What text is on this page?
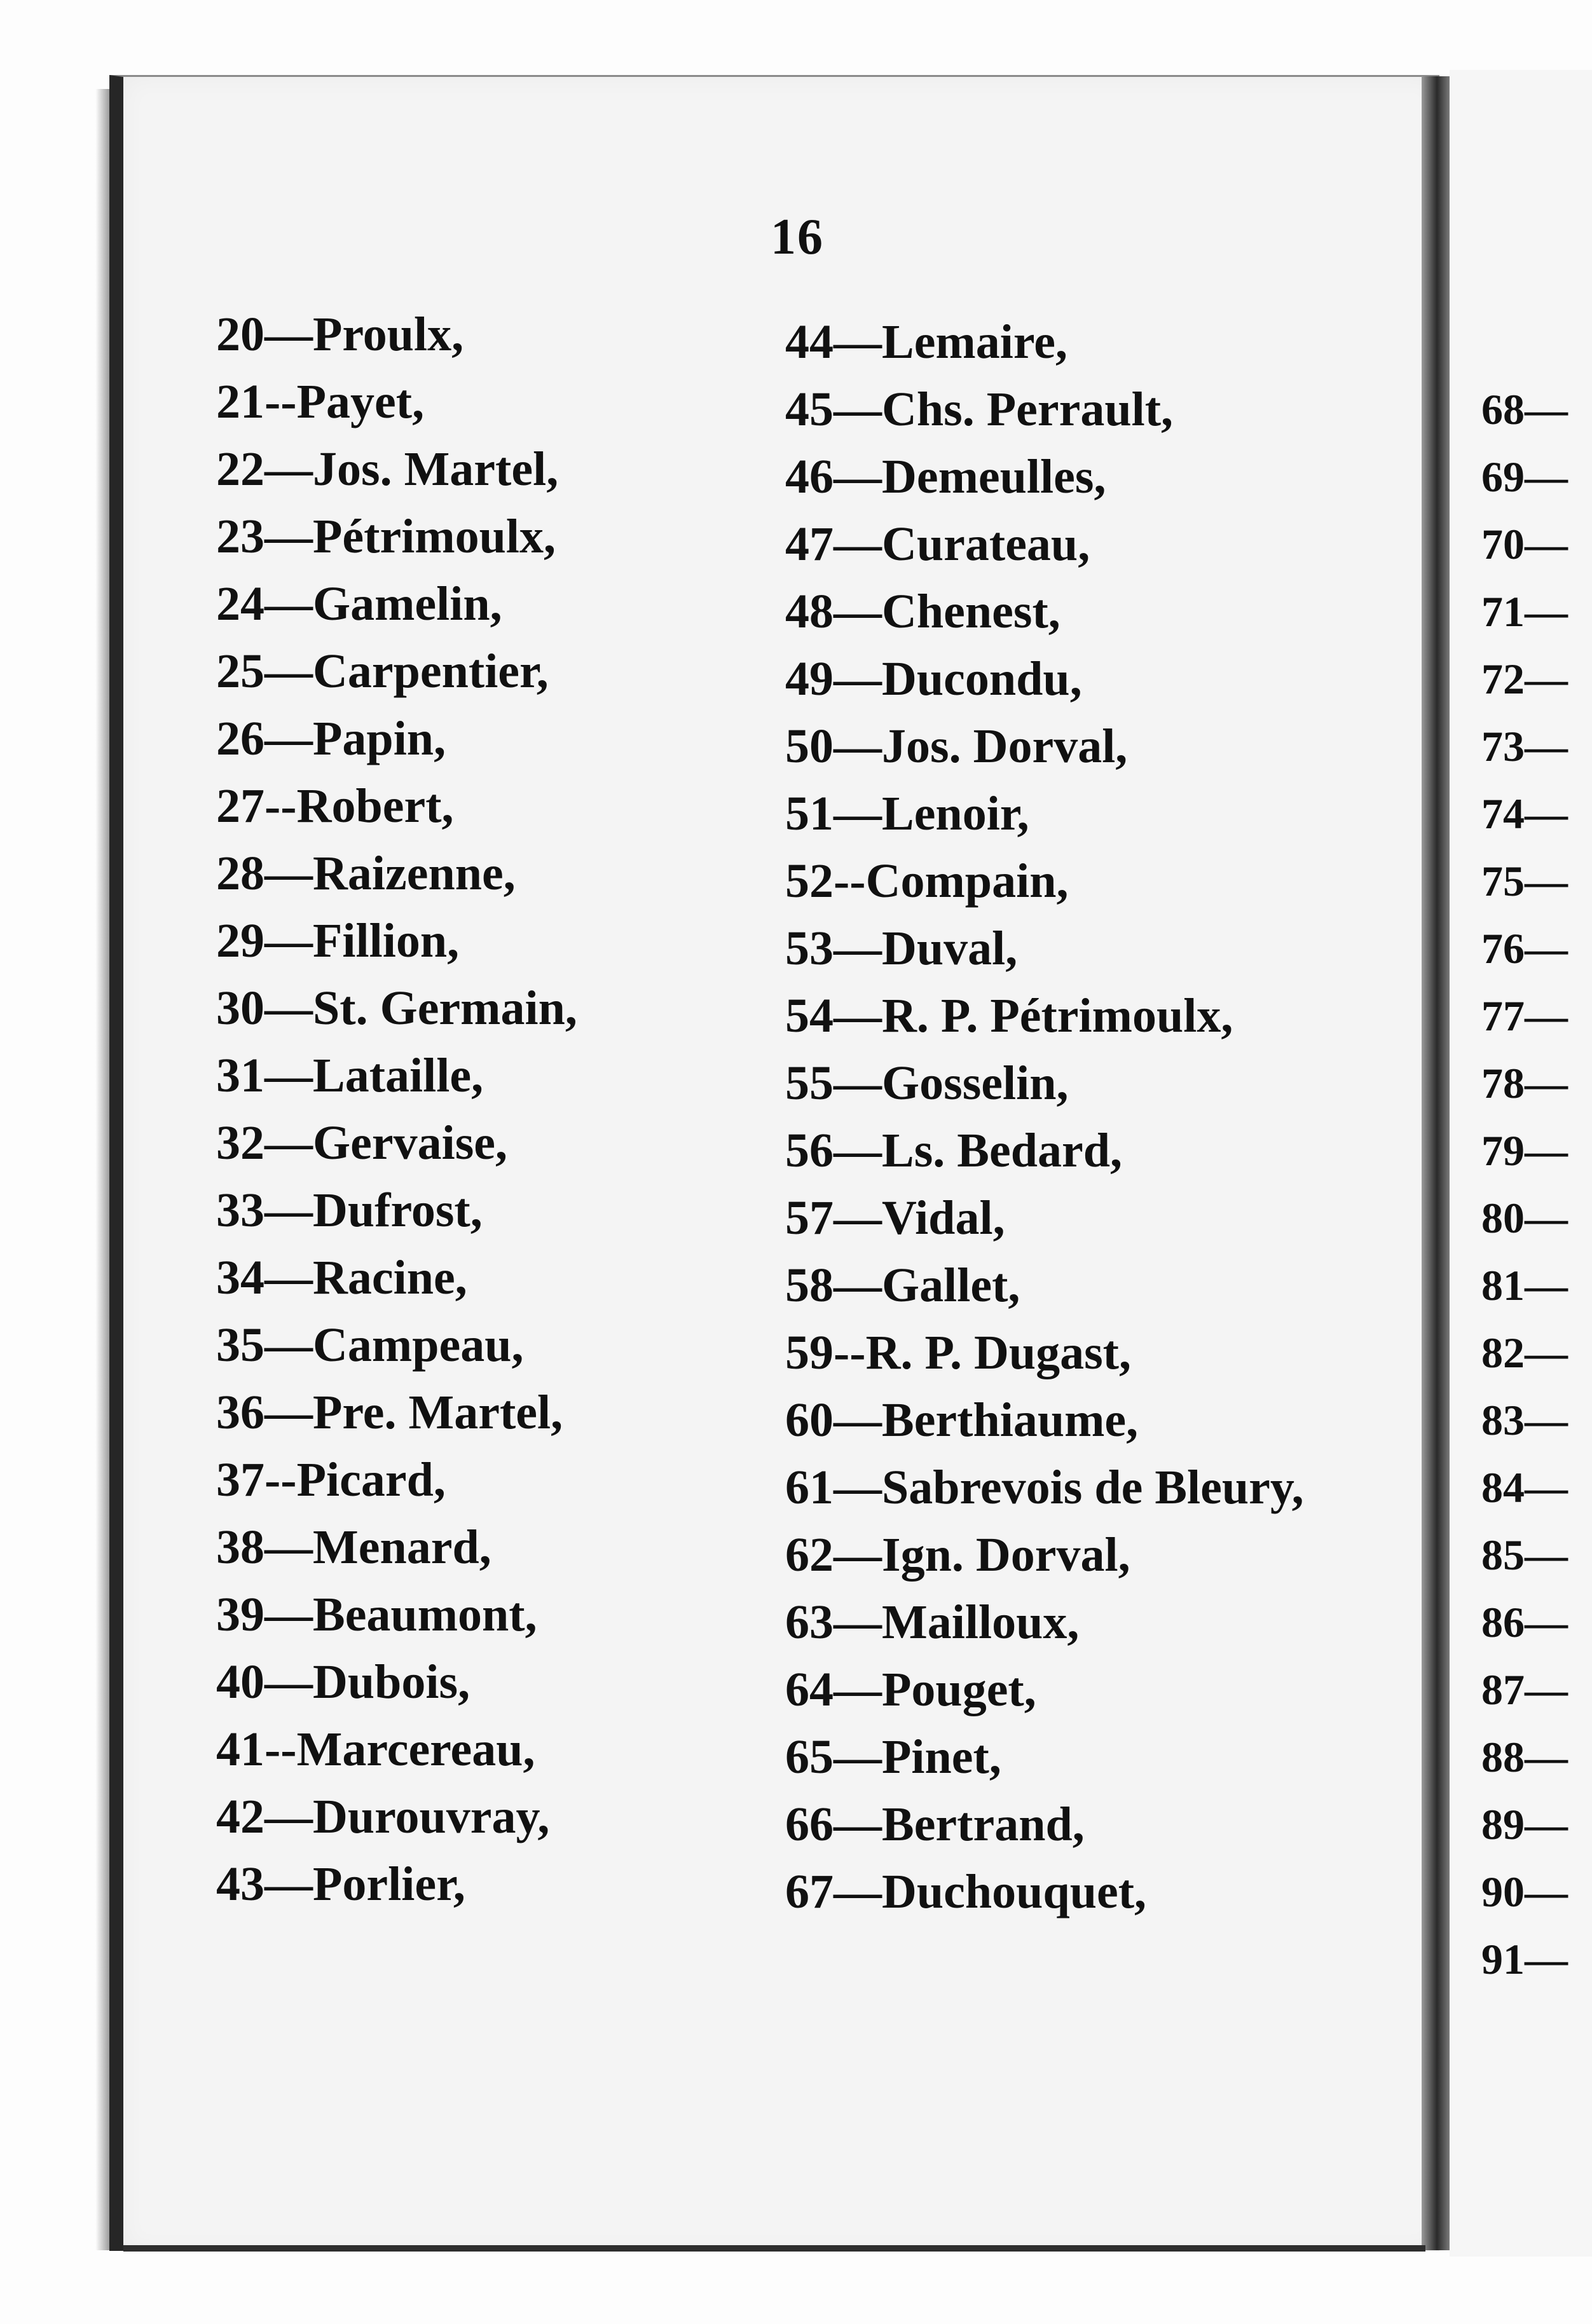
16
20—Proulx,
21--Payet,
22—Jos. Martel,
23—Pétrimoulx,
24—Gamelin,
25—Carpentier,
26—Papin,
27--Robert,
28—Raizenne,
29—Fillion,
30—St. Germain,
31—Lataille,
32—Gervaise,
33—Dufrost,
34—Racine,
35—Campeau,
36—Pre. Martel,
37--Picard,
38—Menard,
39—Beaumont,
40—Dubois,
41--Marcereau,
42—Durouvray,
43—Porlier,
44—Lemaire,
45—Chs. Perrault,
46—Demeulles,
47—Curateau,
48—Chenest,
49—Ducondu,
50—Jos. Dorval,
51—Lenoir,
52--Compain,
53—Duval,
54—R. P. Pétrimoulx,
55—Gosselin,
56—Ls. Bedard,
57—Vidal,
58—Gallet,
59--R. P. Dugast,
60—Berthiaume,
61—Sabrevois de Bleury,
62—Ign. Dorval,
63—Mailloux,
64—Pouget,
65—Pinet,
66—Bertrand,
67—Duchouquet,
68—
69—
70—
71—
72—
73—
74—
75—
76—
77—
78—
79—
80—
81—
82—
83—
84—
85—
86—
87—
88—
89—
90—
91—
